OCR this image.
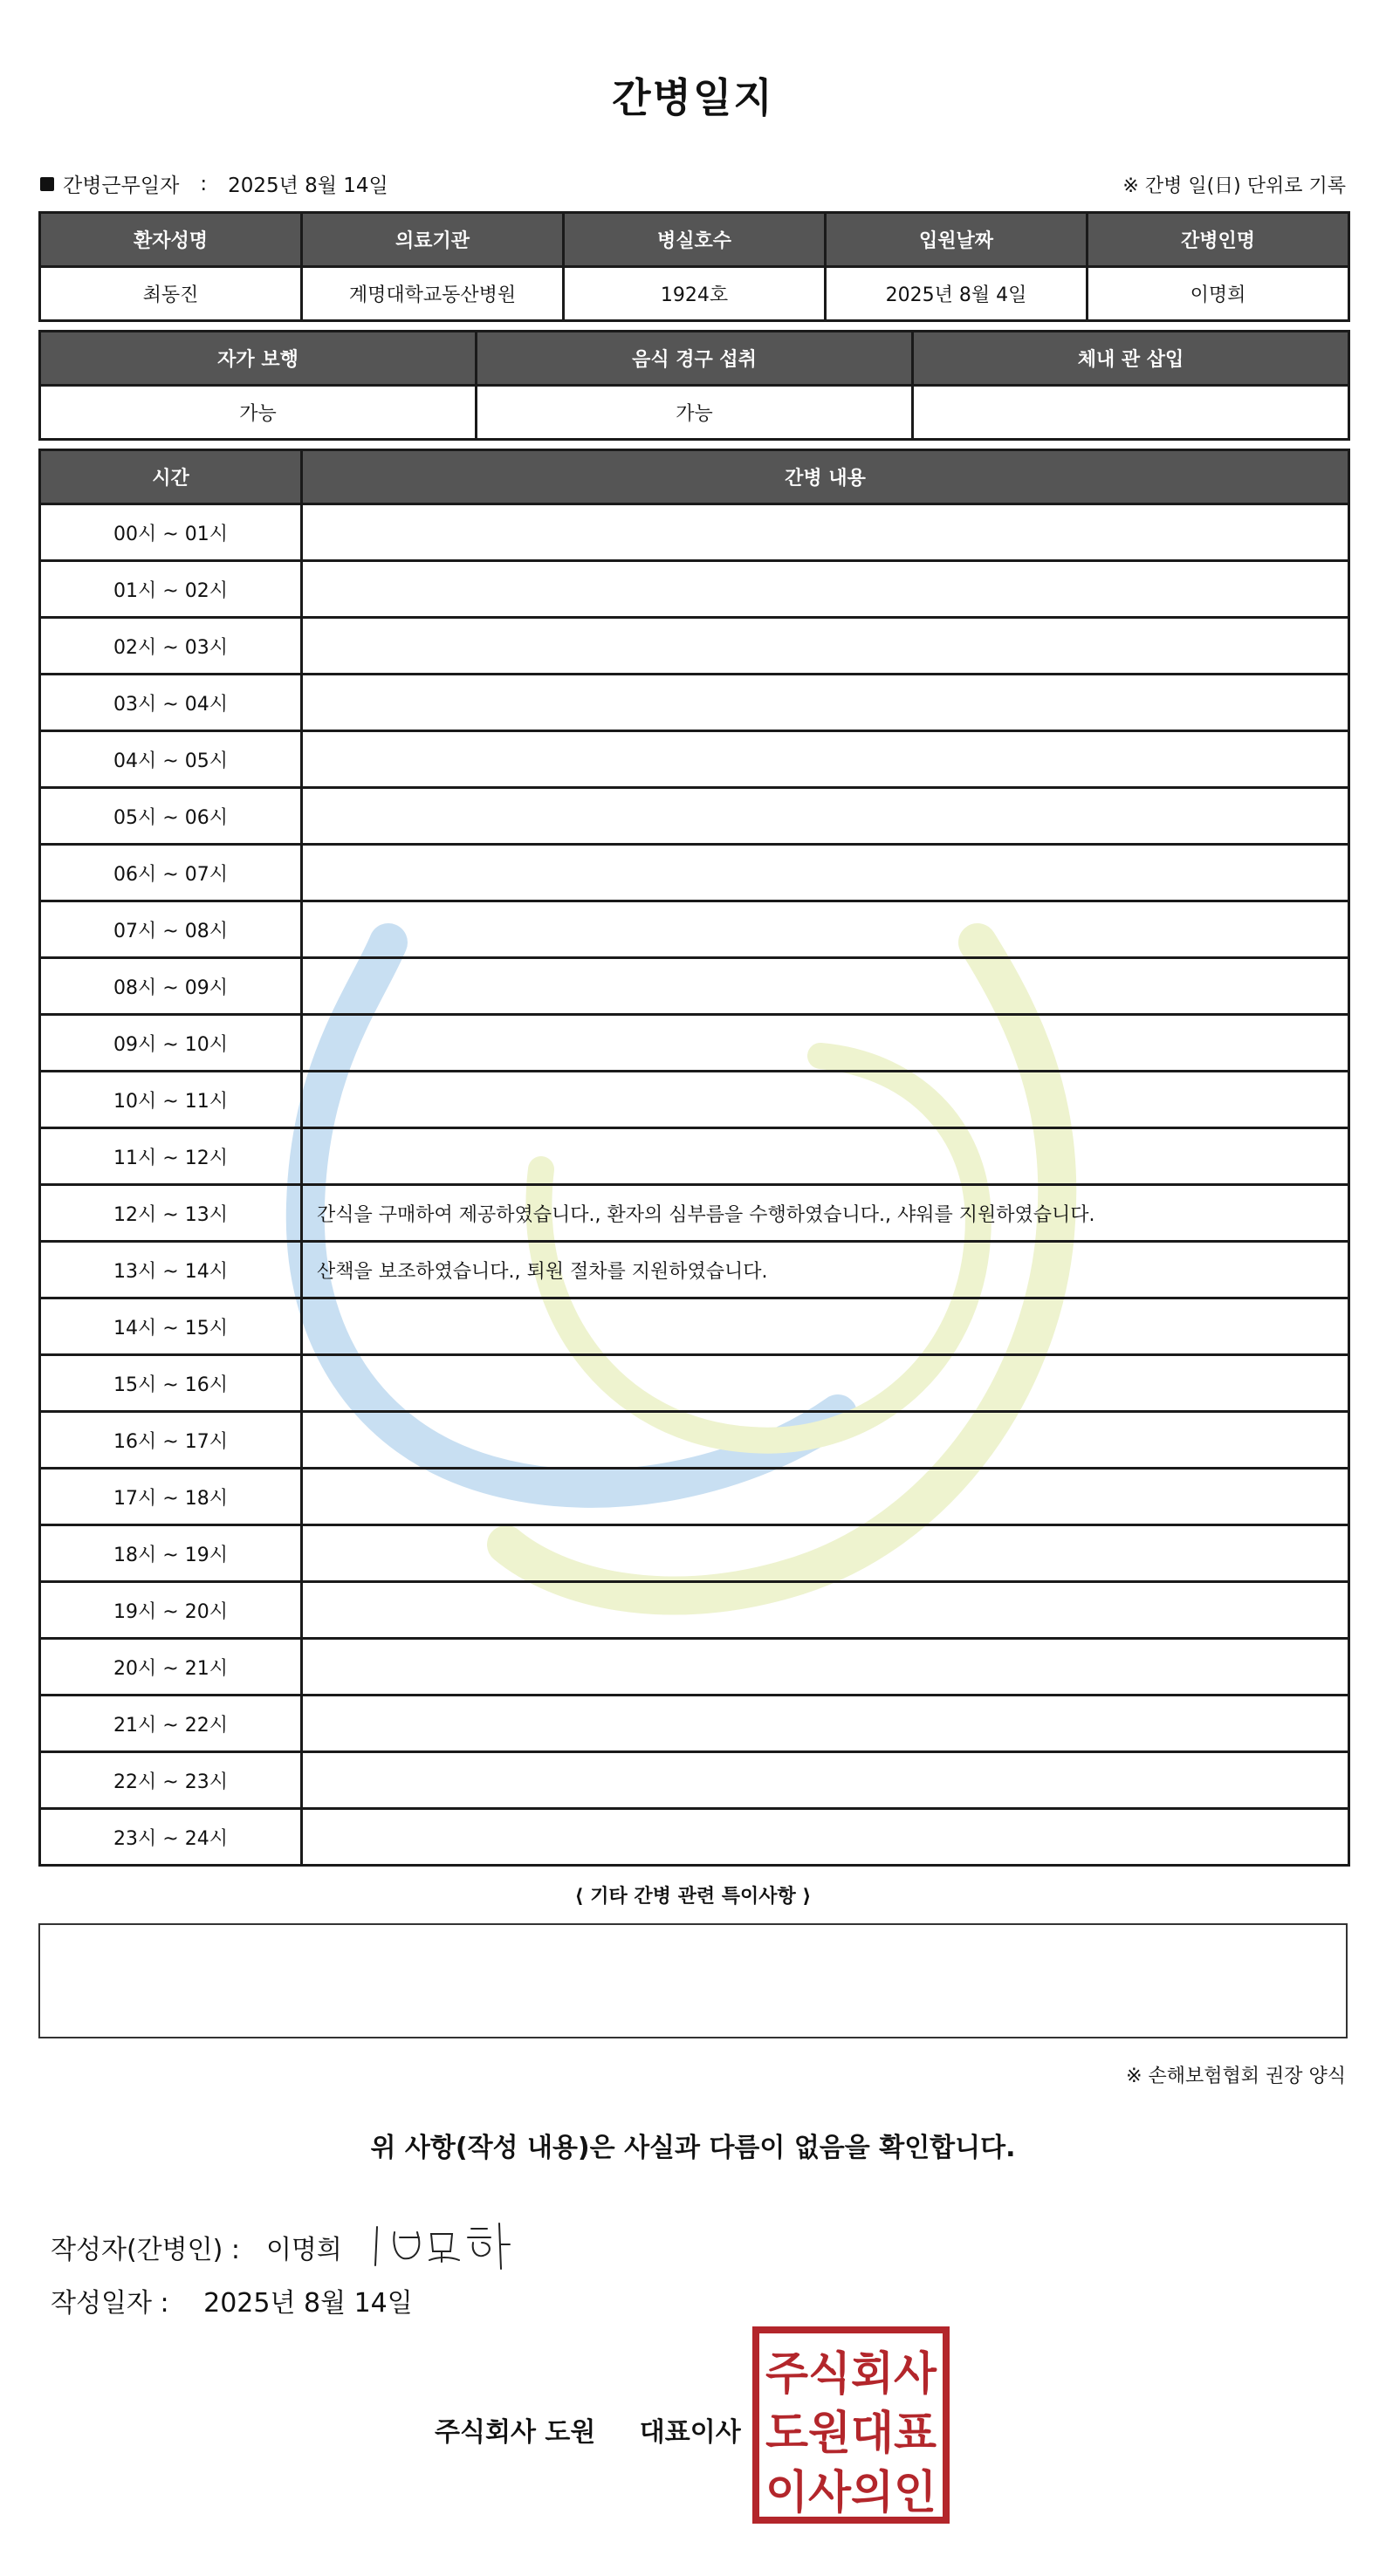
간병일지
간병근무일자 : 2025년 8월 14일	※ 간병 일(日) 단위로 기록
환자성명	의료기관	병실호수	입원날짜	간병인명
최동진	계명대학교동산병원	1924호	2025년 8월 4일	이명희
자가 보행	음식 경구 섭취	체내 관 삽입
가능	가능	
시간	간병 내용
00시 ~ 01시	
01시 ~ 02시	
02시 ~ 03시	
03시 ~ 04시	
04시 ~ 05시	
05시 ~ 06시	
06시 ~ 07시	
07시 ~ 08시	
08시 ~ 09시	
09시 ~ 10시	
10시 ~ 11시	
11시 ~ 12시	
12시 ~ 13시	간식을 구매하여 제공하였습니다., 환자의 심부름을 수행하였습니다., 샤워를 지원하였습니다.
13시 ~ 14시	산책을 보조하였습니다., 퇴원 절차를 지원하였습니다.
14시 ~ 15시	
15시 ~ 16시	
16시 ~ 17시	
17시 ~ 18시	
18시 ~ 19시	
19시 ~ 20시	
20시 ~ 21시	
21시 ~ 22시	
22시 ~ 23시	
23시 ~ 24시	
⟨ 기타 간병 관련 특이사항 ⟩
※ 손해보험협회 권장 양식
위 사항(작성 내용)은 사실과 다름이 없음을 확인합니다.
작성자(간병인) : 이명희
작성일자 : 2025년 8월 14일
주식회사 도원 대표이사
주식회사
도원대표
이사의인
